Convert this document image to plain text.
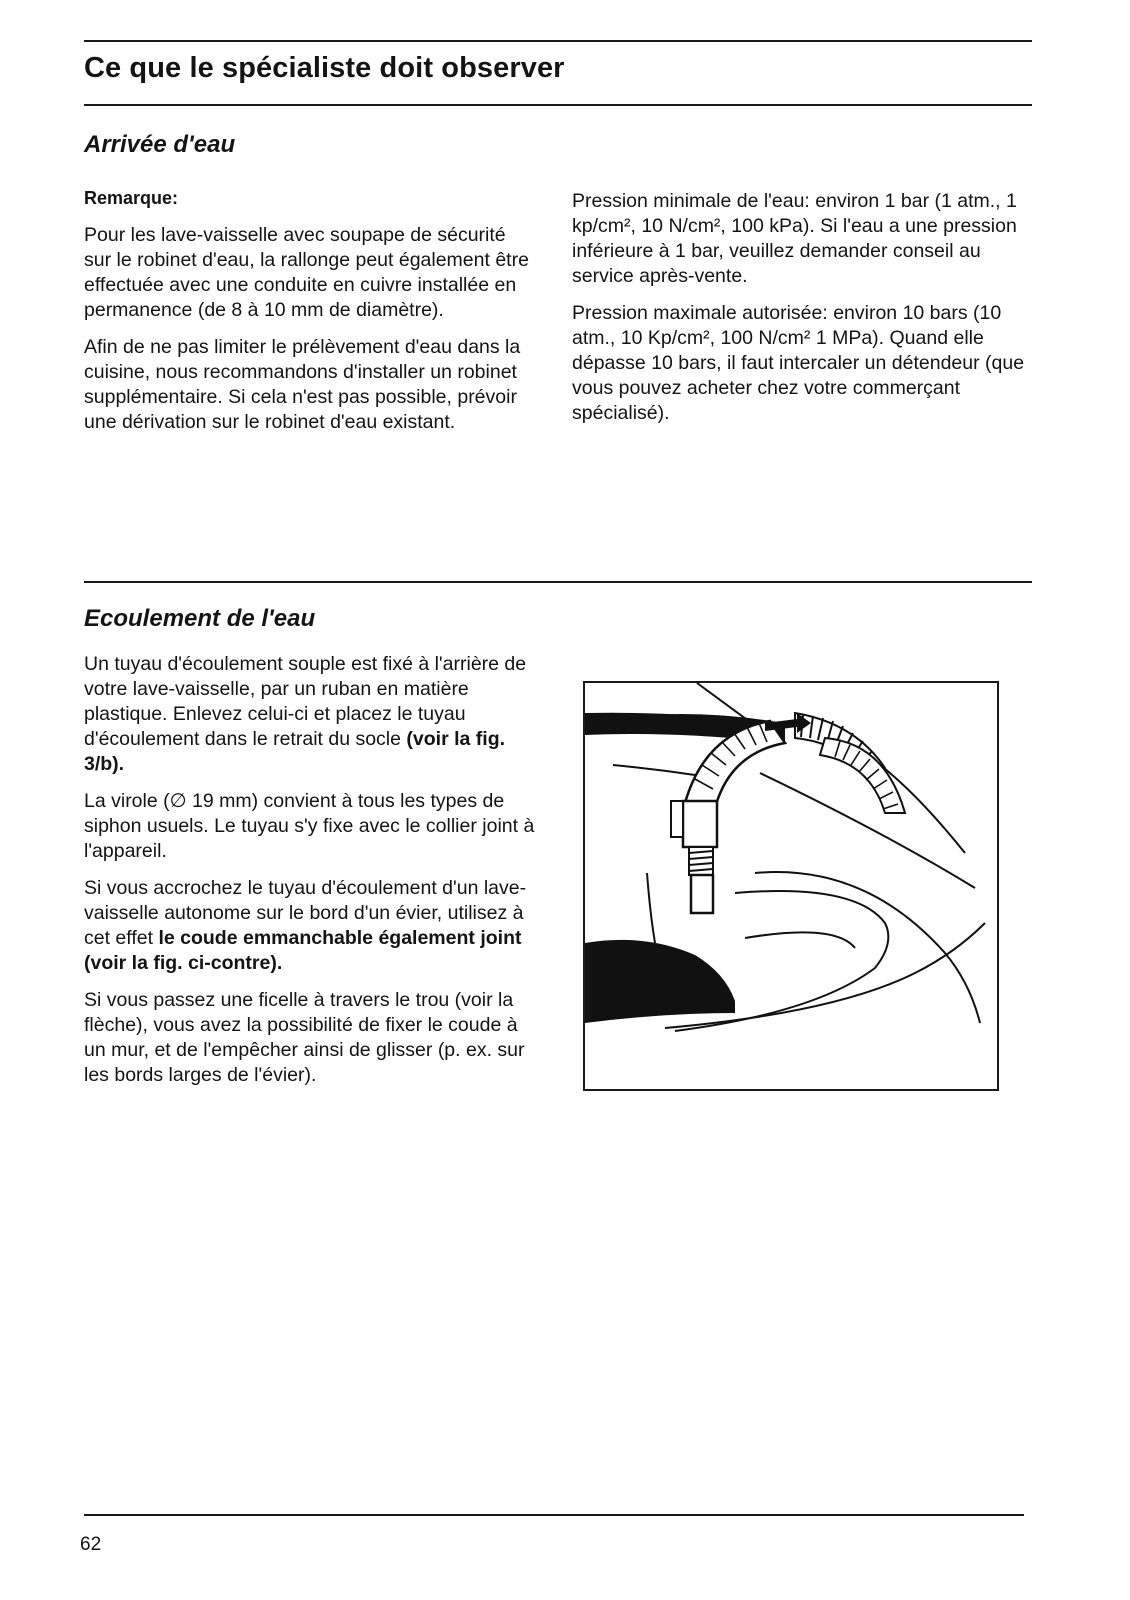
Ce que le spécialiste doit observer
Arrivée d'eau

Remarque:

Pour les lave-vaisselle avec soupape de sécurité sur le robinet d'eau, la rallonge peut également être effectuée avec une conduite en cuivre installée en permanence (de 8 à 10 mm de diamètre).

Afin de ne pas limiter le prélèvement d'eau dans la cuisine, nous recommandons d'installer un robinet supplémentaire. Si cela n'est pas possible, prévoir une dérivation sur le robinet d'eau existant.

Pression minimale de l'eau: environ 1 bar (1 atm., 1 kp/cm², 10 N/cm², 100 kPa). Si l'eau a une pression inférieure à 1 bar, veuillez demander conseil au service après-vente.

Pression maximale autorisée: environ 10 bars (10 atm., 10 Kp/cm², 100 N/cm² 1 MPa). Quand elle dépasse 10 bars, il faut intercaler un détendeur (que vous pouvez acheter chez votre commerçant spécialisé).

Ecoulement de l'eau

Un tuyau d'écoulement souple est fixé à l'arrière de votre lave-vaisselle, par un ruban en matière plastique. Enlevez celui-ci et placez le tuyau d'écoulement dans le retrait du socle (voir la fig. 3/b).

La virole (∅ 19 mm) convient à tous les types de siphon usuels. Le tuyau s'y fixe avec le collier joint à l'appareil.

Si vous accrochez le tuyau d'écoulement d'un lave-vaisselle autonome sur le bord d'un évier, utilisez à cet effet le coude emmanchable également joint (voir la fig. ci-contre).

Si vous passez une ficelle à travers le trou (voir la flèche), vous avez la possibilité de fixer le coude à un mur, et de l'empêcher ainsi de glisser (p. ex. sur les bords larges de l'évier).

62
